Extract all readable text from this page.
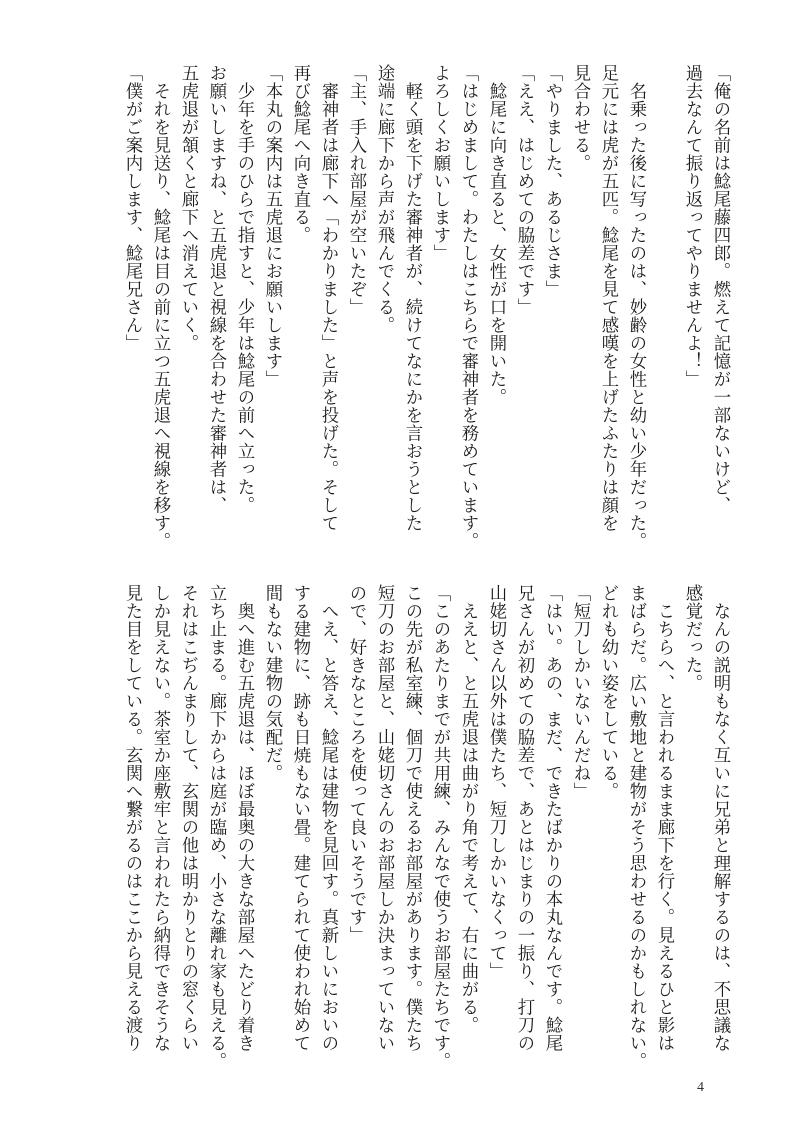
「俺の名前は鯰尾藤四郎。燃えて記憶が一部ないけど、
過去なんて振り返ってやりませんよ！」

　名乗った後に写ったのは、妙齢の女性と幼い少年だった。
足元には虎が五匹。鯰尾を見て感嘆を上げたふたりは顔を
見合わせる。
「やりました、あるじさま」
「ええ、はじめての脇差です」
　鯰尾に向き直ると、女性が口を開いた。
「はじめまして。わたしはこちらで審神者を務めています。
よろしくお願いします」
　軽く頭を下げた審神者が、続けてなにかを言おうとした
途端に廊下から声が飛んでくる。
「主、手入れ部屋が空いたぞ」
　審神者は廊下へ「わかりました」と声を投げた。そして
再び鯰尾へ向き直る。
「本丸の案内は五虎退にお願いします」
　少年を手のひらで指すと、少年は鯰尾の前へ立った。
お願いしますね、と五虎退と視線を合わせた審神者は、
五虎退が頷くと廊下へ消えていく。
　それを見送り、鯰尾は目の前に立つ五虎退へ視線を移す。
「僕がご案内します、鯰尾兄さん」
　なんの説明もなく互いに兄弟と理解するのは、不思議な
感覚だった。
　こちらへ、と言われるまま廊下を行く。見えるひと影は
まばらだ。広い敷地と建物がそう思わせるのかもしれない。
どれも幼い姿をしている。
「短刀しかいないんだね」
「はい。あの、まだ、できたばかりの本丸なんです。鯰尾
兄さんが初めての脇差で、あとはじまりの一振り、打刀の
山姥切さん以外は僕たち、短刀しかいなくって」
　ええと、と五虎退は曲がり角で考えて、右に曲がる。
「このあたりまでが共用練、みんなで使うお部屋たちです。
この先が私室練、個刀で使えるお部屋があります。僕たち
短刀のお部屋と、山姥切さんのお部屋しか決まっていない
ので、好きなところを使って良いそうです」
　へえ、と答え、鯰尾は建物を見回す。真新しいにおいの
する建物に、跡も日焼もない畳。建てられて使われ始めて
間もない建物の気配だ。
　奥へ進む五虎退は、ほぼ最奥の大きな部屋へたどり着き
立ち止まる。廊下からは庭が臨め、小さな離れ家も見える。
それはこぢんまりして、玄関の他は明かりとりの窓くらい
しか見えない。茶室か座敷牢と言われたら納得できそうな
見た目をしている。玄関へ繋がるのはここから見える渡り
4
